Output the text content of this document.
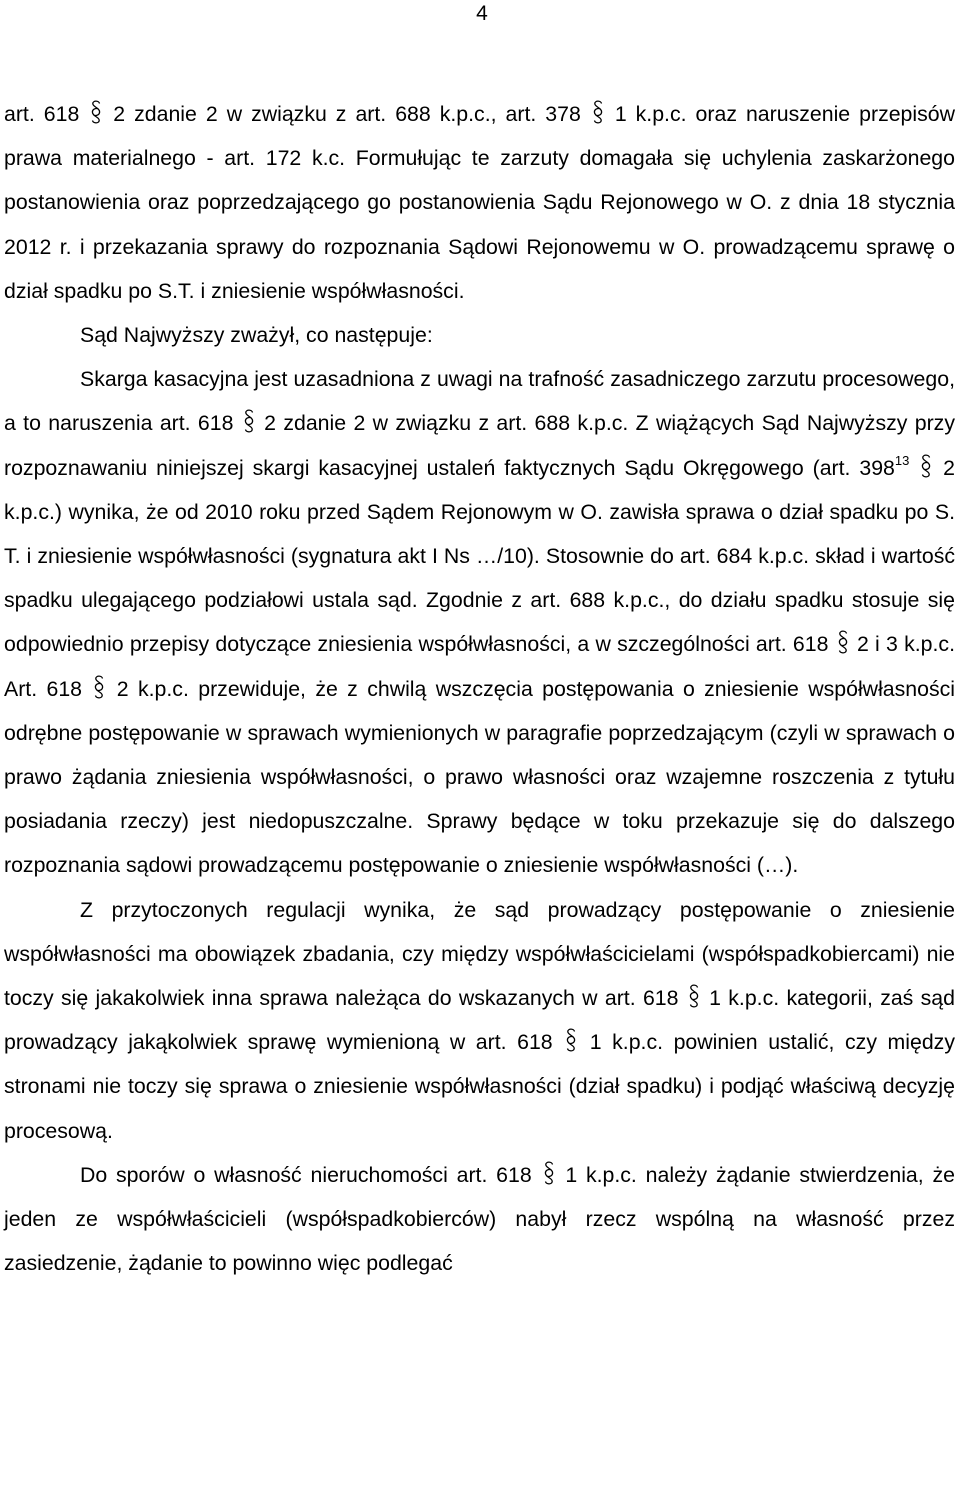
4

art. 618  2 zdanie 2 w związku z art. 688 k.p.c., art. 378  1 k.p.c. oraz naruszenie przepisów prawa materialnego - art. 172 k.c. Formułując te zarzuty domagała się uchylenia zaskarżonego postanowienia oraz poprzedzającego go postanowienia Sądu Rejonowego w O. z dnia 18 stycznia 2012 r. i przekazania sprawy do rozpoznania Sądowi Rejonowemu w O. prowadzącemu sprawę o dział spadku po S.T. i zniesienie współwłasności.

Sąd Najwyższy zważył, co następuje:

Skarga kasacyjna jest uzasadniona z uwagi na trafność zasadniczego zarzutu procesowego, a to naruszenia art. 618  2 zdanie 2 w związku z art. 688 k.p.c. Z wiążących Sąd Najwyższy przy rozpoznawaniu niniejszej skargi kasacyjnej ustaleń faktycznych Sądu Okręgowego (art. $398^{13}$  2 k.p.c.) wynika, że od 2010 roku przed Sądem Rejonowym w O. zawisła sprawa o dział spadku po S. T. i zniesienie współwłasności (sygnatura akt I Ns …/10). Stosownie do art. 684 k.p.c. skład i wartość spadku ulegającego podziałowi ustala sąd. Zgodnie z art. 688 k.p.c., do działu spadku stosuje się odpowiednio przepisy dotyczące zniesienia współwłasności, a w szczególności art. 618  2 i 3 k.p.c. Art. 618  2 k.p.c. przewiduje, że z chwilą wszczęcia postępowania o zniesienie współwłasności odrębne postępowanie w sprawach wymienionych w paragrafie poprzedzającym (czyli w sprawach o prawo żądania zniesienia współwłasności, o prawo własności oraz wzajemne roszczenia z tytułu posiadania rzeczy) jest niedopuszczalne. Sprawy będące w toku przekazuje się do dalszego rozpoznania sądowi prowadzącemu postępowanie o zniesienie współwłasności (…).

Z przytoczonych regulacji wynika, że sąd prowadzący postępowanie o zniesienie współwłasności ma obowiązek zbadania, czy między współwłaścicielami (współspadkobiercami) nie toczy się jakakolwiek inna sprawa należąca do wskazanych w art. 618  1 k.p.c. kategorii, zaś sąd prowadzący jakąkolwiek sprawę wymienioną w art. 618  1 k.p.c. powinien ustalić, czy między stronami nie toczy się sprawa o zniesienie współwłasności (dział spadku) i podjąć właściwą decyzję procesową.

Do sporów o własność nieruchomości art. 618  1 k.p.c. należy żądanie stwierdzenia, że jeden ze współwłaścicieli (współspadkobierców) nabył rzecz wspólną na własność przez zasiedzenie, żądanie to powinno więc podlegać
